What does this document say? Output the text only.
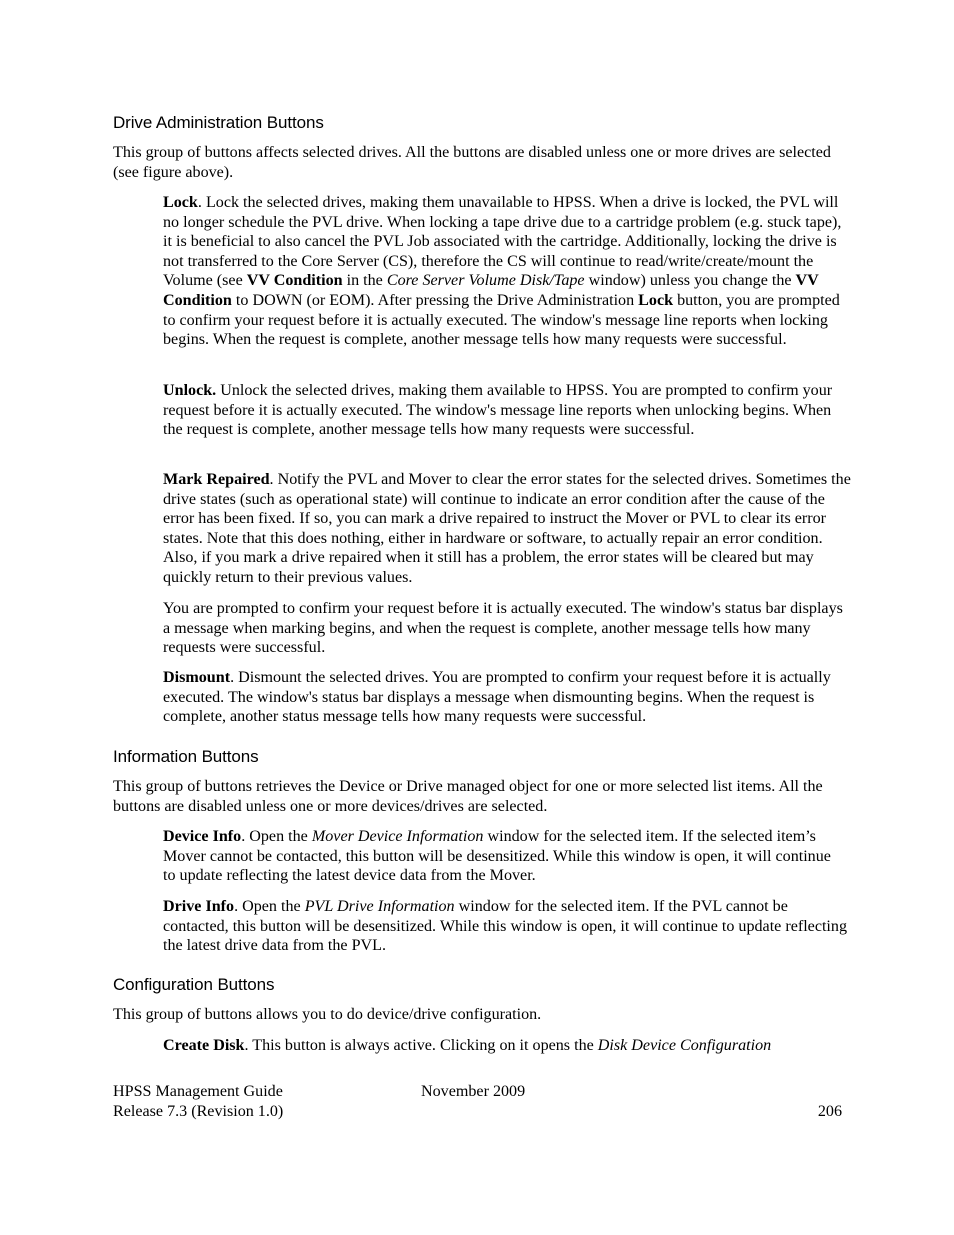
Drive Administration Buttons

This group of buttons affects selected drives. All the buttons are disabled unless one or more drives are selected (see figure above).

Lock. Lock the selected drives, making them unavailable to HPSS. When a drive is locked, the PVL will no longer schedule the PVL drive. When locking a tape drive due to a cartridge problem (e.g. stuck tape), it is beneficial to also cancel the PVL Job associated with the cartridge. Additionally, locking the drive is not transferred to the Core Server (CS), therefore the CS will continue to read/write/create/mount the Volume (see VV Condition in the Core Server Volume Disk/Tape window) unless you change the VV Condition to DOWN (or EOM). After pressing the Drive Administration Lock button, you are prompted to confirm your request before it is actually executed. The window's message line reports when locking begins. When the request is complete, another message tells how many requests were successful.

Unlock. Unlock the selected drives, making them available to HPSS. You are prompted to confirm your request before it is actually executed. The window's message line reports when unlocking begins. When the request is complete, another message tells how many requests were successful.

Mark Repaired. Notify the PVL and Mover to clear the error states for the selected drives. Sometimes the drive states (such as operational state) will continue to indicate an error condition after the cause of the error has been fixed. If so, you can mark a drive repaired to instruct the Mover or PVL to clear its error states. Note that this does nothing, either in hardware or software, to actually repair an error condition. Also, if you mark a drive repaired when it still has a problem, the error states will be cleared but may quickly return to their previous values.

You are prompted to confirm your request before it is actually executed. The window's status bar displays a message when marking begins, and when the request is complete, another message tells how many requests were successful.

Dismount. Dismount the selected drives. You are prompted to confirm your request before it is actually executed. The window's status bar displays a message when dismounting begins. When the request is complete, another status message tells how many requests were successful.

Information Buttons

This group of buttons retrieves the Device or Drive managed object for one or more selected list items. All the buttons are disabled unless one or more devices/drives are selected.

Device Info. Open the Mover Device Information window for the selected item. If the selected item’s Mover cannot be contacted, this button will be desensitized. While this window is open, it will continue to update reflecting the latest device data from the Mover.

Drive Info. Open the PVL Drive Information window for the selected item. If the PVL cannot be contacted, this button will be desensitized. While this window is open, it will continue to update reflecting the latest drive data from the PVL.

Configuration Buttons

This group of buttons allows you to do device/drive configuration.

Create Disk. This button is always active. Clicking on it opens the Disk Device Configuration

HPSS Management Guide	November 2009
Release 7.3 (Revision 1.0)	206
